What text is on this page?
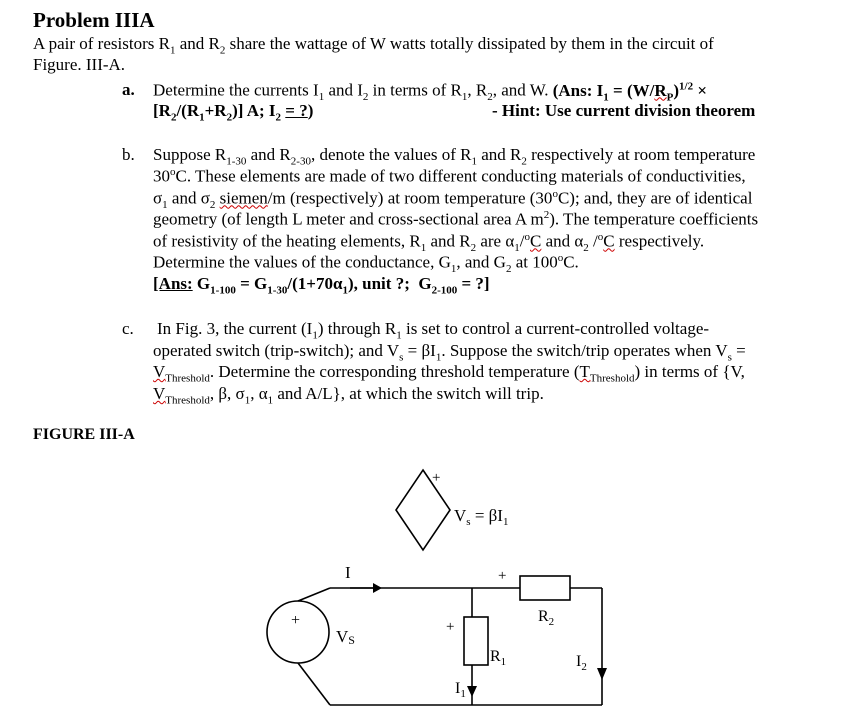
Problem IIIA
A pair of resistors $R_1$ and $R_2$ share the wattage of W watts totally dissipated by them in the circuit of
Figure. III-A.
a. Determine the currents $I_1$ and $I_2$ in terms of $R_1$, $R_2$, and W. (Ans: $I_1 = (W/R_P)^{1/2}$ ×
$[R_2/(R_1+R_2)]$ A; $I_2$ = ?)	- Hint: Use current division theorem
b. Suppose $R_{1-30}$ and $R_{2-30}$, denote the values of $R_1$ and $R_2$ respectively at room temperature
30$^o$C. These elements are made of two different conducting materials of conductivities,
$\sigma_1$ and $\sigma_2$ siemen/m (respectively) at room temperature (30$^o$C); and, they are of identical
geometry (of length L meter and cross-sectional area A $m^2$). The temperature coefficients
of resistivity of the heating elements, $R_1$ and $R_2$ are $\alpha_1/^oC$ and $\alpha_2$ /$^o$C respectively.
Determine the values of the conductance, $G_1$, and $G_2$ at 100$^o$C.
[Ans: $G_{1-100} = G_{1-30}/(1+70\alpha_1)$, unit ?;  $G_{2-100}$ = ?]
c. In Fig. 3, the current $(I_1)$ through $R_1$ is set to control a current-controlled voltage-
operated switch (trip-switch); and $V_s = \beta I_1$. Suppose the switch/trip operates when $V_s$ =
$V_{Threshold}$. Determine the corresponding threshold temperature $(T_{Threshold})$ in terms of {V,
$V_{Threshold}$, β, $\sigma_1$, $\alpha_1$ and A/L}, at which the switch will trip.
FIGURE III-A
+
$V_s = \beta I_1$
I	+
$R_2$
+
VS
+
$R_1$	$I_2$
$I_1$
